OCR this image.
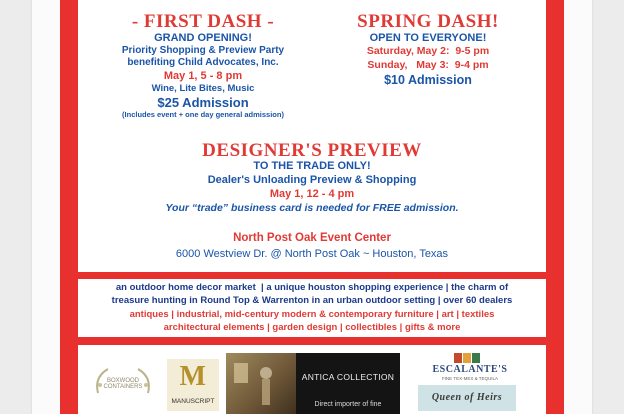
- FIRST DASH -
GRAND OPENING!
Priority Shopping & Preview Party
benefiting Child Advocates, Inc.
May 1, 5 - 8 pm
Wine, Lite Bites, Music
$25 Admission
(Includes event + one day general admission)
SPRING DASH!
OPEN TO EVERYONE!
Saturday, May 2:  9-5 pm
Sunday,   May 3:  9-4 pm
$10 Admission
DESIGNER'S PREVIEW
TO THE TRADE ONLY!
Dealer's Unloading Preview & Shopping
May 1, 12 - 4 pm
Your “trade” business card is needed for FREE admission.
North Post Oak Event Center
6000 Westview Dr. @ North Post Oak ~ Houston, Texas
an outdoor home decor market  | a unique houston shopping experience | the charm of
treasure hunting in Round Top & Warrenton in an urban outdoor setting | over 60 dealers
antiques | industrial, mid-century modern & contemporary furniture | art | textiles
architectural elements | garden design | collectibles | gifts & more
BOXWOOD CONTAINERS	M
MANUSCRIPT
ANTICA COLLECTION
Direct importer of fine
ESCALANTE'S
FINE TEX-MEX & TEQUILA
Queen of Heirs
